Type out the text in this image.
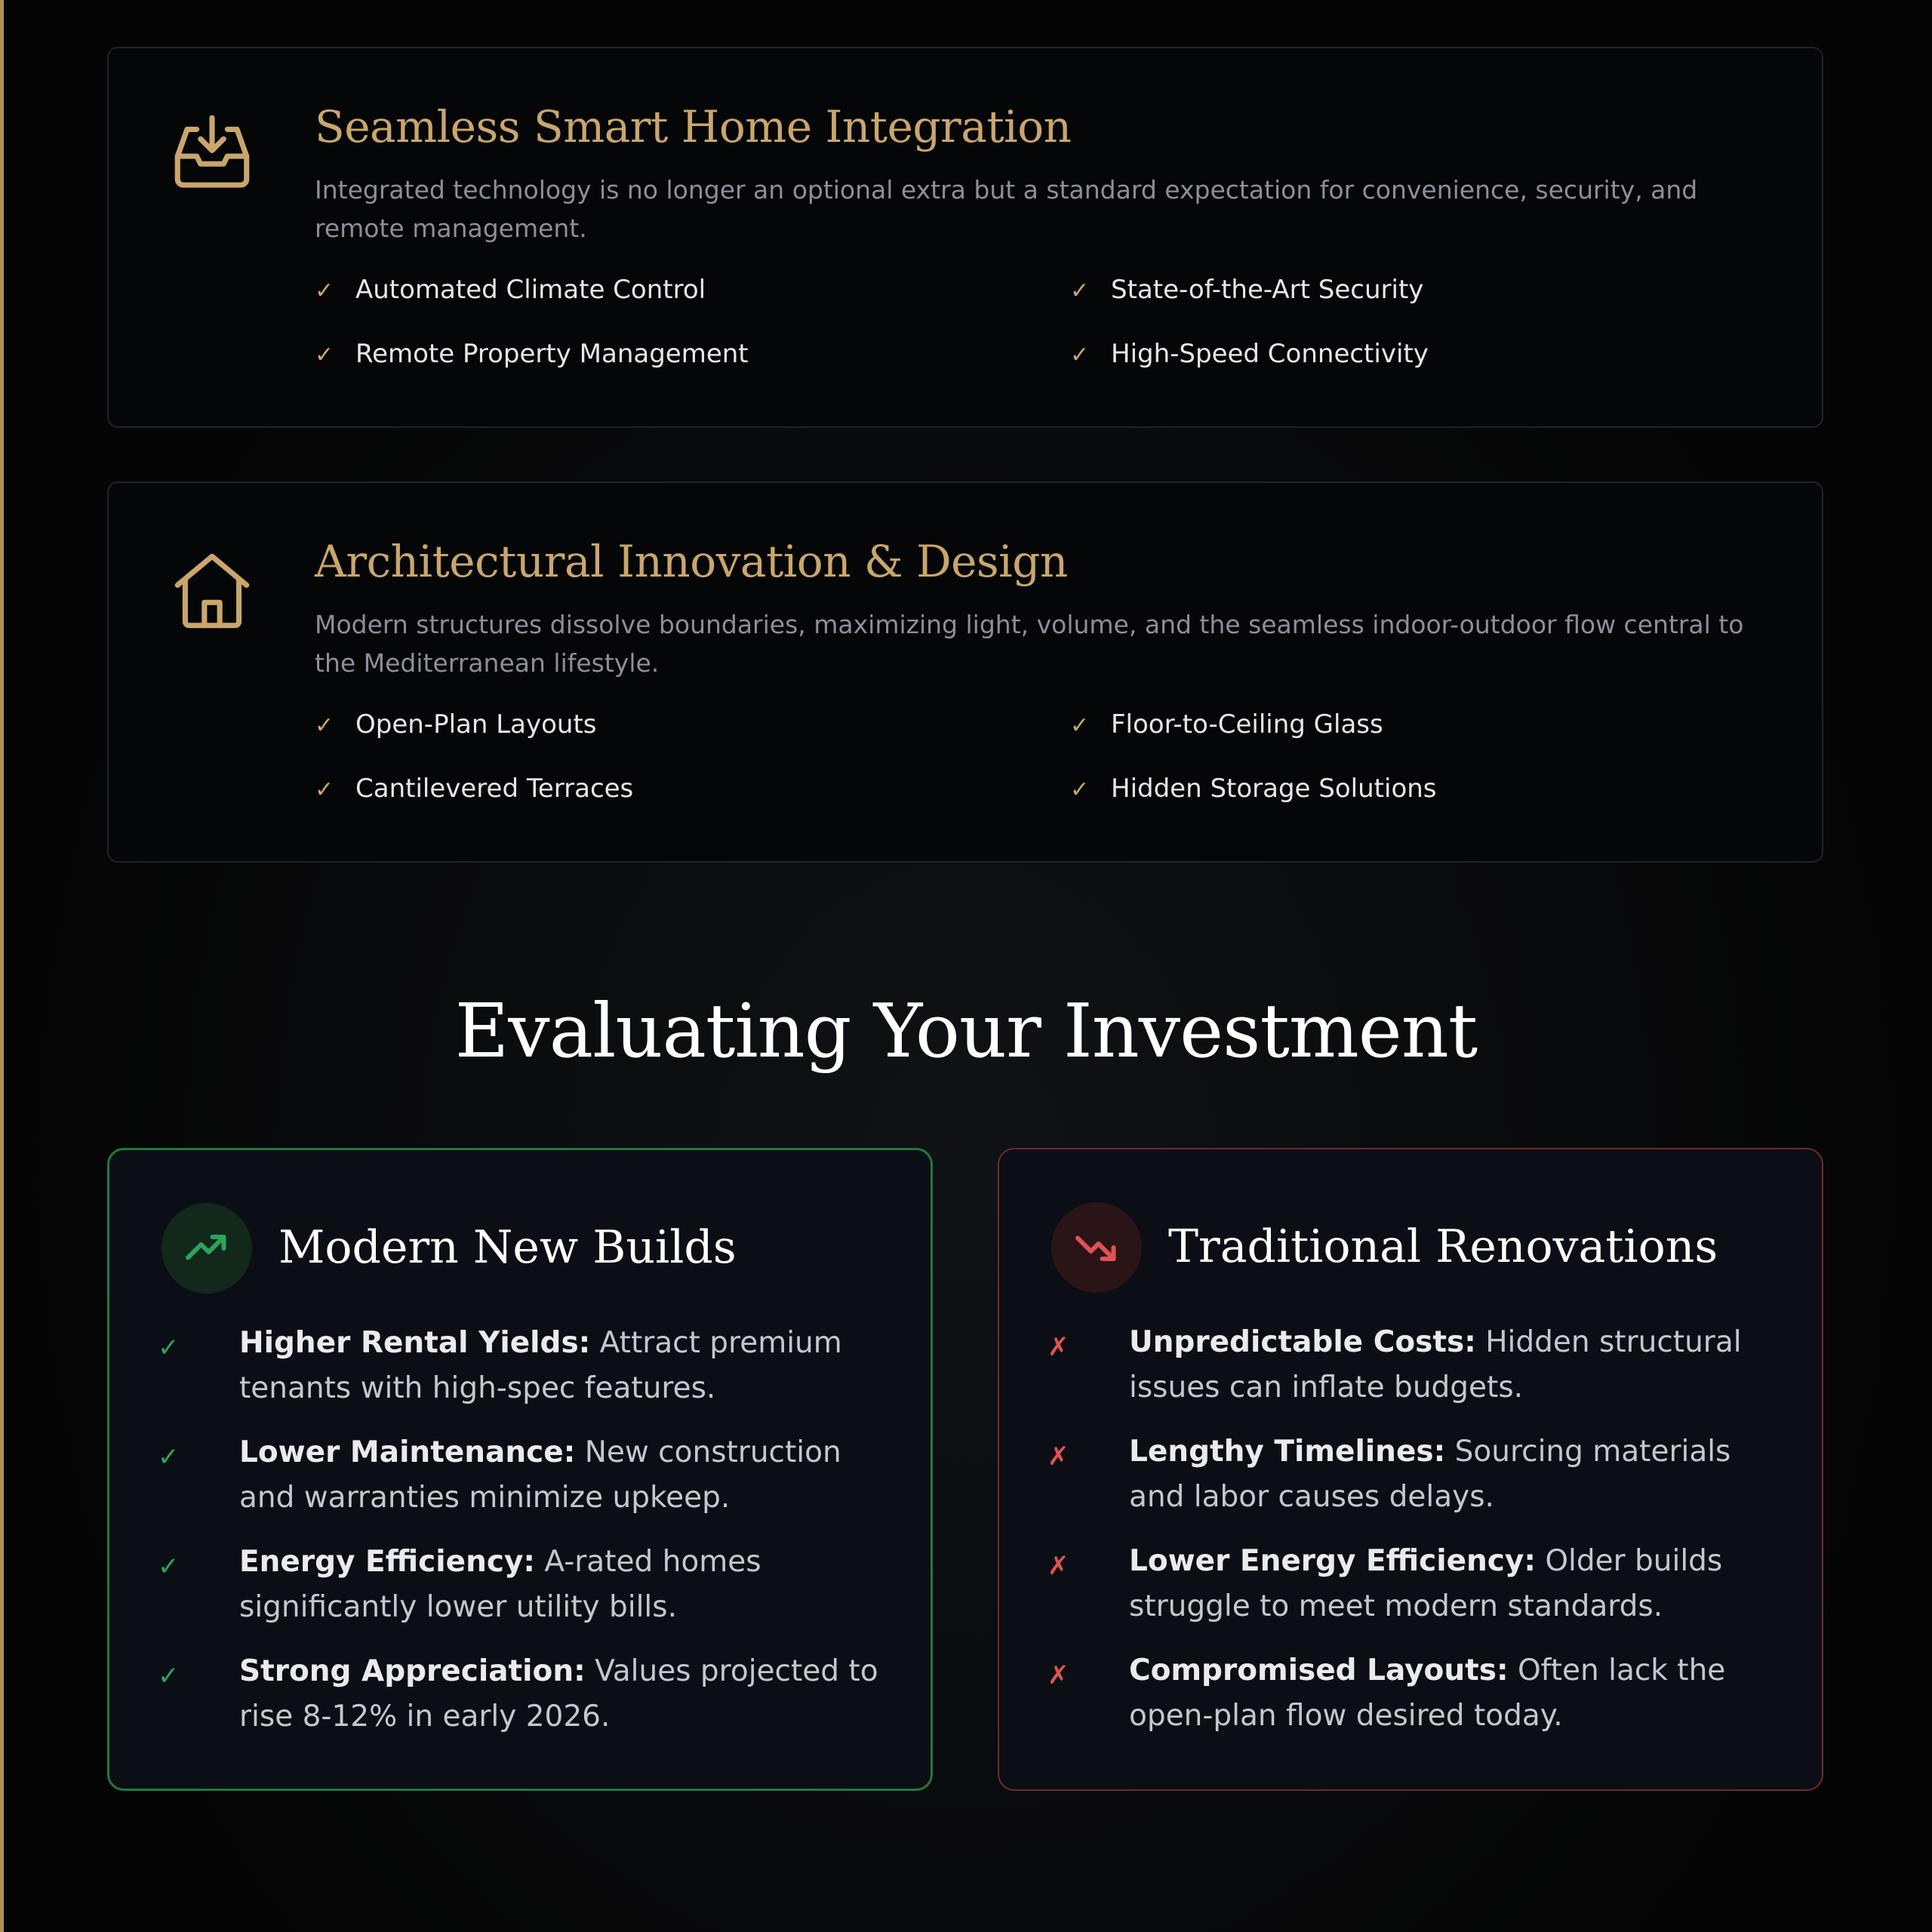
Seamless Smart Home Integration
Integrated technology is no longer an optional extra but a standard expectation for convenience, security, and remote management.
✓ Automated Climate Control	✓ State-of-the-Art Security
✓ Remote Property Management	✓ High-Speed Connectivity
Architectural Innovation & Design
Modern structures dissolve boundaries, maximizing light, volume, and the seamless indoor-outdoor flow central to the Mediterranean lifestyle.
✓ Open-Plan Layouts	✓ Floor-to-Ceiling Glass
✓ Cantilevered Terraces	✓ Hidden Storage Solutions
Evaluating Your Investment
Modern New Builds
✓ Higher Rental Yields: Attract premium tenants with high-spec features.
✓ Lower Maintenance: New construction and warranties minimize upkeep.
✓ Energy Efficiency: A-rated homes significantly lower utility bills.
✓ Strong Appreciation: Values projected to rise 8-12% in early 2026.
Traditional Renovations
✗ Unpredictable Costs: Hidden structural issues can inflate budgets.
✗ Lengthy Timelines: Sourcing materials and labor causes delays.
✗ Lower Energy Efficiency: Older builds struggle to meet modern standards.
✗ Compromised Layouts: Often lack the open-plan flow desired today.
